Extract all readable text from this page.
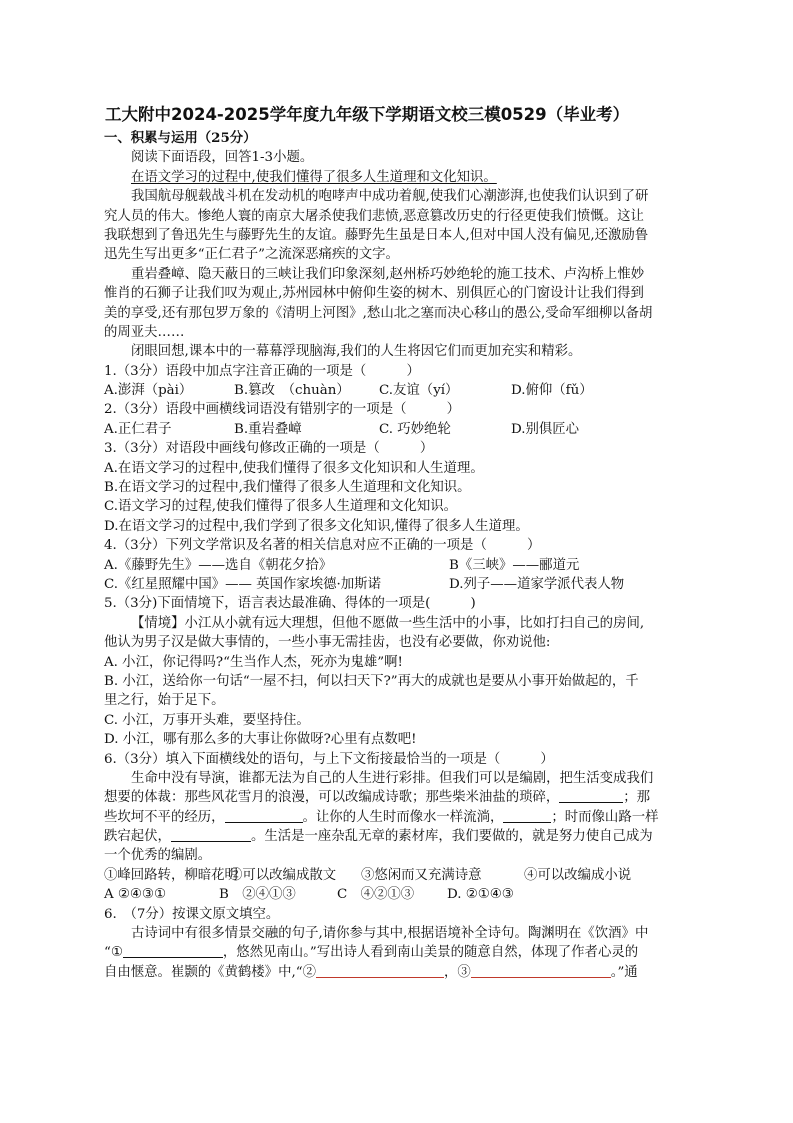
工大附中2024-2025学年度九年级下学期语文校三模0529（毕业考）
一、积累与运用（25分）
阅读下面语段，回答1-3小题。
在语文学习的过程中,使我们懂得了很多人生道理和文化知识。
我国航母舰载战斗机在发动机的咆哮声中成功着舰,使我们心潮澎湃,也使我们认识到了研
究人员的伟大。惨绝人寰的南京大屠杀使我们悲愤,恶意篡改历史的行径更使我们愤慨。这让
我联想到了鲁迅先生与藤野先生的友谊。藤野先生虽是日本人,但对中国人没有偏见,还激励鲁
迅先生写出更多“正仁君子”之流深恶痛疾的文字。
重岩叠嶂、隐天蔽日的三峡让我们印象深刻,赵州桥巧妙绝轮的施工技术、卢沟桥上惟妙
惟肖的石狮子让我们叹为观止,苏州园林中俯仰生姿的树木、别俱匠心的门窗设计让我们得到
美的享受,还有那包罗万象的《清明上河图》,愁山北之塞而决心移山的愚公,受命军细柳以备胡
的周亚夫……
闭眼回想,课本中的一幕幕浮现脑海,我们的人生将因它们而更加充实和精彩。
1.（3分）语段中加点字注音正确的一项是（　　　）
A.澎湃（pài）	B.篡改　（chuàn）	C.友谊（yí）	D.俯仰（fǔ）
2.（3分）语段中画横线词语没有错别字的一项是（　　　）
A.正仁君子	B.重岩叠嶂	C. 巧妙绝轮	D.别俱匠心
3.（3分）对语段中画线句修改正确的一项是（　　　）
A.在语文学习的过程中,使我们懂得了很多文化知识和人生道理。
B.在语文学习的过程中,我们懂得了很多人生道理和文化知识。
C.语文学习的过程,使我们懂得了很多人生道理和文化知识。
D.在语文学习的过程中,我们学到了很多文化知识,懂得了很多人生道理。
4.（3分）下列文学常识及名著的相关信息对应不正确的一项是（　　　）
A.《藤野先生》——选自《朝花夕拾》	B《三峡》——郦道元
C.《红星照耀中国》—— 英国作家埃德·加斯诺	D.列子——道家学派代表人物
5.（3分)下面情境下，语言表达最准确、得体的一项是(　　　)
【情境】小江从小就有远大理想，但他不愿做一些生活中的小事，比如打扫自己的房间,
他认为男子汉是做大事情的，一些小事无需挂齿，也没有必要做，你劝说他:
A. 小江，你记得吗?“生当作人杰，死亦为鬼雄”啊!
B. 小江，送给你一句话“一屋不扫，何以扫天下?”再大的成就也是要从小事开始做起的，千
里之行，始于足下。
C. 小江，万事开头难，要坚持住。
D. 小江，哪有那么多的大事让你做呀?心里有点数吧!
6.（3分）填入下面横线处的语句，与上下文衔接最恰当的一项是（　　　）
生命中没有导演，谁都无法为自己的人生进行彩排。但我们可以是编剧，把生活变成我们
想要的体裁：那些风花雪月的浪漫，可以改编成诗歌；那些柴米油盐的琐碎，	；那
些坎坷不平的经历，	。让你的人生时而像水一样流淌，	；时而像山路一样
跌宕起伏，	。生活是一座杂乱无章的素材库，我们要做的，就是努力使自己成为
一个优秀的编剧。
①峰回路转，柳暗花明
②可以改编成散文	③悠闲而又充满诗意	④可以改编成小说
A ②④③①	B　②④①③	C　④②①③	D. ②①④③
6.　（7分）按课文原文填空。
古诗词中有很多情景交融的句子,请你参与其中,根据语境补全诗句。陶渊明在《饮酒》中
“①	，悠然见南山。”写出诗人看到南山美景的随意自然，体现了作者心灵的
自由惬意。崔颢的《黄鹤楼》中,“②	，③	。”通
